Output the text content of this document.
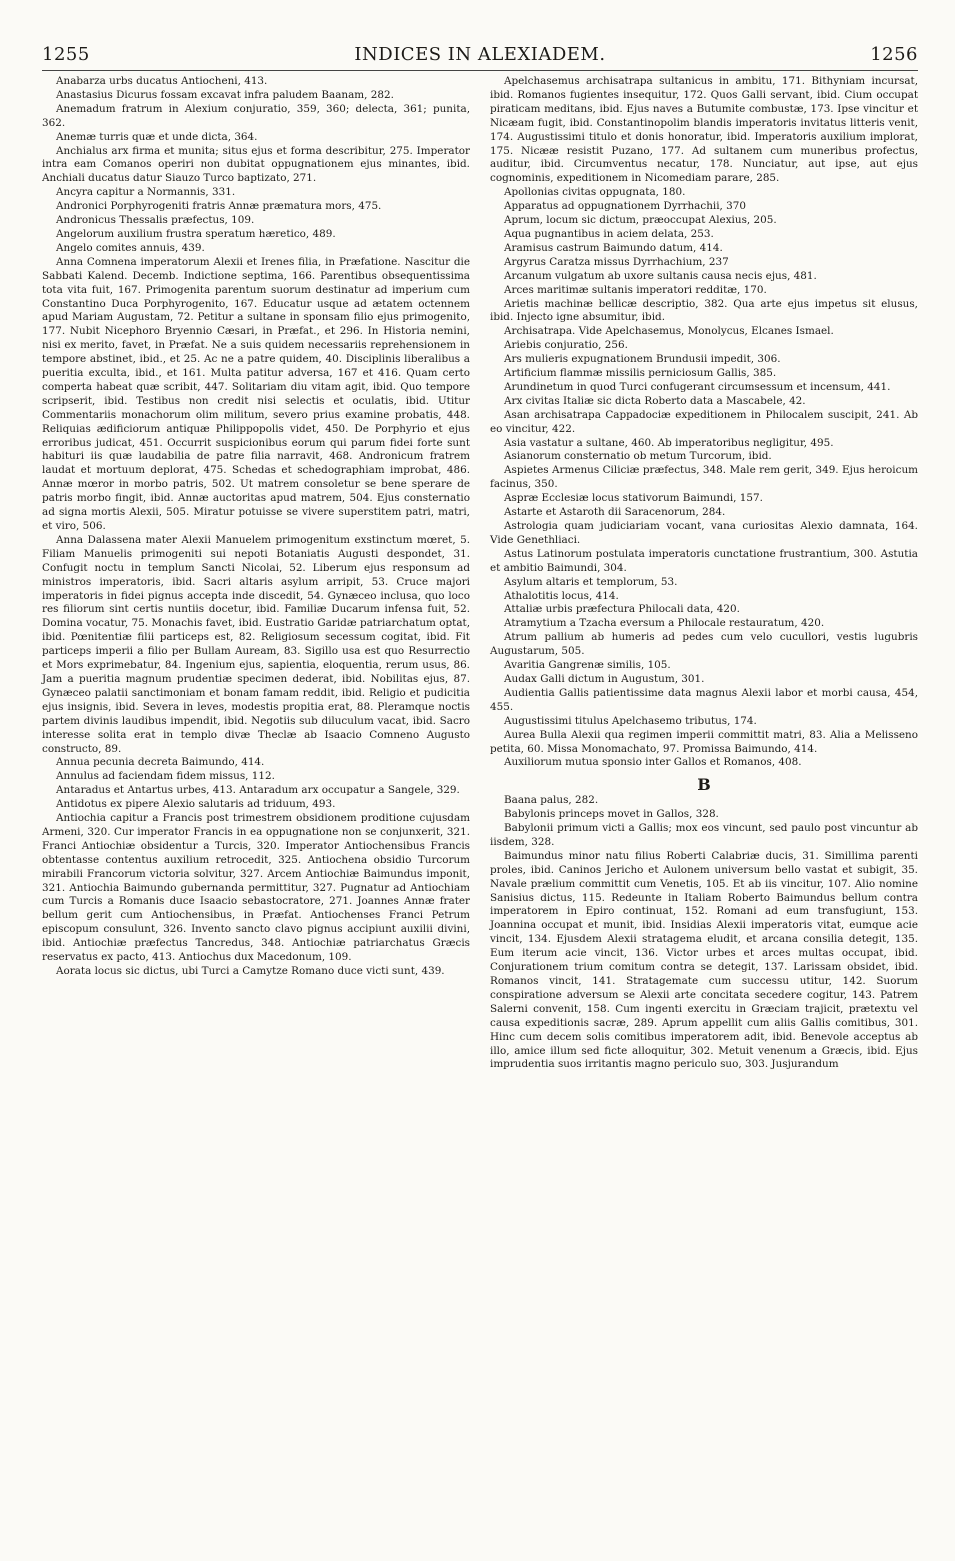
1255	INDICES IN ALEXIADEM.	1256

Anabarza urbs ducatus Antiocheni, 413.

Anastasius Dicurus fossam excavat infra paludem Baanam, 282.

Anemadum fratrum in Alexium conjuratio, 359, 360; delecta, 361; punita, 362.

Anemæ turris quæ et unde dicta, 364.

Anchialus arx firma et munita; situs ejus et forma describitur, 275. Imperator intra eam Comanos operiri non dubitat oppugnationem ejus minantes, ibid. Anchiali ducatus datur Siauzo Turco baptizato, 271.

Ancyra capitur a Normannis, 331.

Andronici Porphyrogeniti fratris Annæ præmatura mors, 475.

Andronicus Thessalis præfectus, 109.

Angelorum auxilium frustra speratum hæretico, 489.

Angelo comites annuis, 439.

Anna Comnena imperatorum Alexii et Irenes filia, in Præfatione. Nascitur die Sabbati Kalend. Decemb. Indictione septima, 166. Parentibus obsequentissima tota vita fuit, 167. Primogenita parentum suorum destinatur ad imperium cum Constantino Duca Porphyrogenito, 167. Educatur usque ad ætatem octennem apud Mariam Augustam, 72. Petitur a sultane in sponsam filio ejus primogenito, 177. Nubit Nicephoro Bryennio Cæsari, in Præfat., et 296. In Historia nemini, nisi ex merito, favet, in Præfat. Ne a suis quidem necessariis reprehensionem in tempore abstinet, ibid., et 25. Ac ne a patre quidem, 40. Disciplinis liberalibus a pueritia exculta, ibid., et 161. Multa patitur adversa, 167 et 416. Quam certo comperta habeat quæ scribit, 447. Solitariam diu vitam agit, ibid. Quo tempore scripserit, ibid. Testibus non credit nisi selectis et oculatis, ibid. Utitur Commentariis monachorum olim militum, severo prius examine probatis, 448. Reliquias ædificiorum antiquæ Philippopolis videt, 450. De Porphyrio et ejus erroribus judicat, 451. Occurrit suspicionibus eorum qui parum fidei forte sunt habituri iis quæ laudabilia de patre filia narravit, 468. Andronicum fratrem laudat et mortuum deplorat, 475. Schedas et schedographiam improbat, 486. Annæ mœror in morbo patris, 502. Ut matrem consoletur se bene sperare de patris morbo fingit, ibid. Annæ auctoritas apud matrem, 504. Ejus consternatio ad signa mortis Alexii, 505. Miratur potuisse se vivere superstitem patri, matri, et viro, 506.

Anna Dalassena mater Alexii Manuelem primogenitum exstinctum mœret, 5. Filiam Manuelis primogeniti sui nepoti Botaniatis Augusti despondet, 31. Confugit noctu in templum Sancti Nicolai, 52. Liberum ejus responsum ad ministros imperatoris, ibid. Sacri altaris asylum arripit, 53. Cruce majori imperatoris in fidei pignus accepta inde discedit, 54. Gynæceo inclusa, quo loco res filiorum sint certis nuntiis docetur, ibid. Familiæ Ducarum infensa fuit, 52. Domina vocatur, 75. Monachis favet, ibid. Eustratio Garidæ patriarchatum optat, ibid. Pœnitentiæ filii particeps est, 82. Religiosum secessum cogitat, ibid. Fit particeps imperii a filio per Bullam Auream, 83. Sigillo usa est quo Resurrectio et Mors exprimebatur, 84. Ingenium ejus, sapientia, eloquentia, rerum usus, 86. Jam a pueritia magnum prudentiæ specimen dederat, ibid. Nobilitas ejus, 87. Gynæceo palatii sanctimoniam et bonam famam reddit, ibid. Religio et pudicitia ejus insignis, ibid. Severa in leves, modestis propitia erat, 88. Pleramque noctis partem divinis laudibus impendit, ibid. Negotiis sub diluculum vacat, ibid. Sacro interesse solita erat in templo divæ Theclæ ab Isaacio Comneno Augusto constructo, 89.

Annua pecunia decreta Baimundo, 414.

Annulus ad faciendam fidem missus, 112.

Antaradus et Antartus urbes, 413. Antaradum arx occupatur a Sangele, 329.

Antidotus ex pipere Alexio salutaris ad triduum, 493.

Antiochia capitur a Francis post trimestrem obsidionem proditione cujusdam Armeni, 320. Cur imperator Francis in ea oppugnatione non se conjunxerit, 321. Franci Antiochiæ obsidentur a Turcis, 320. Imperator Antiochensibus Francis obtentasse contentus auxilium retrocedit, 325. Antiochena obsidio Turcorum mirabili Francorum victoria solvitur, 327. Arcem Antiochiæ Baimundus imponit, 321. Antiochia Baimundo gubernanda permittitur, 327. Pugnatur ad Antiochiam cum Turcis a Romanis duce Isaacio sebastocratore, 271. Joannes Annæ frater bellum gerit cum Antiochensibus, in Præfat. Antiochenses Franci Petrum episcopum consulunt, 326. Invento sancto clavo pignus accipiunt auxilii divini, ibid. Antiochiæ præfectus Tancredus, 348. Antiochiæ patriarchatus Græcis reservatus ex pacto, 413. Antiochus dux Macedonum, 109.

Aorata locus sic dictus, ubi Turci a Camytze Romano duce victi sunt, 439.

Apelchasemus archisatrapa sultanicus in ambitu, 171. Bithyniam incursat, ibid. Romanos fugientes insequitur, 172. Quos Galli servant, ibid. Cium occupat piraticam meditans, ibid. Ejus naves a Butumite combustæ, 173. Ipse vincitur et Nicæam fugit, ibid. Constantinopolim blandis imperatoris invitatus litteris venit, 174. Augustissimi titulo et donis honoratur, ibid. Imperatoris auxilium implorat, 175. Nicææ resistit Puzano, 177. Ad sultanem cum muneribus profectus, auditur, ibid. Circumventus necatur, 178. Nunciatur, aut ipse, aut ejus cognominis, expeditionem in Nicomediam parare, 285.

Apollonias civitas oppugnata, 180.

Apparatus ad oppugnationem Dyrrhachii, 370

Aprum, locum sic dictum, præoccupat Alexius, 205.

Aqua pugnantibus in aciem delata, 253.

Aramisus castrum Baimundo datum, 414.

Argyrus Caratza missus Dyrrhachium, 237

Arcanum vulgatum ab uxore sultanis causa necis ejus, 481.

Arces maritimæ sultanis imperatori redditæ, 170.

Arietis machinæ bellicæ descriptio, 382. Qua arte ejus impetus sit elusus, ibid. Injecto igne absumitur, ibid.

Archisatrapa. Vide Apelchasemus, Monolycus, Elcanes Ismael.

Ariebis conjuratio, 256.

Ars mulieris expugnationem Brundusii impedit, 306.

Artificium flammæ missilis perniciosum Gallis, 385.

Arundinetum in quod Turci confugerant circumsessum et incensum, 441.

Arx civitas Italiæ sic dicta Roberto data a Mascabele, 42.

Asan archisatrapa Cappadociæ expeditionem in Philocalem suscipit, 241. Ab eo vincitur, 422.

Asia vastatur a sultane, 460. Ab imperatoribus negligitur, 495.

Asianorum consternatio ob metum Turcorum, ibid.

Aspietes Armenus Ciliciæ præfectus, 348. Male rem gerit, 349. Ejus heroicum facinus, 350.

Aspræ Ecclesiæ locus stativorum Baimundi, 157.

Astarte et Astaroth dii Saracenorum, 284.

Astrologia quam judiciariam vocant, vana curiositas Alexio damnata, 164. Vide Genethliaci.

Astus Latinorum postulata imperatoris cunctatione frustrantium, 300. Astutia et ambitio Baimundi, 304.

Asylum altaris et templorum, 53.

Athalotitis locus, 414.

Attaliæ urbis præfectura Philocali data, 420.

Atramytium a Tzacha eversum a Philocale restauratum, 420.

Atrum pallium ab humeris ad pedes cum velo cucullori, vestis lugubris Augustarum, 505.

Avaritia Gangrenæ similis, 105.

Audax Galli dictum in Augustum, 301.

Audientia Gallis patientissime data magnus Alexii labor et morbi causa, 454, 455.

Augustissimi titulus Apelchasemo tributus, 174.

Aurea Bulla Alexii qua regimen imperii committit matri, 83. Alia a Melisseno petita, 60. Missa Monomachato, 97. Promissa Baimundo, 414.

Auxiliorum mutua sponsio inter Gallos et Romanos, 408.

B

Baana palus, 282.

Babylonis princeps movet in Gallos, 328.

Babylonii primum victi a Gallis; mox eos vincunt, sed paulo post vincuntur ab iisdem, 328.

Baimundus minor natu filius Roberti Calabriæ ducis, 31. Simillima parenti proles, ibid. Caninos Jericho et Aulonem universum bello vastat et subigit, 35. Navale prælium committit cum Venetis, 105. Et ab iis vincitur, 107. Alio nomine Sanisius dictus, 115. Redeunte in Italiam Roberto Baimundus bellum contra imperatorem in Epiro continuat, 152. Romani ad eum transfugiunt, 153. Joannina occupat et munit, ibid. Insidias Alexii imperatoris vitat, eumque acie vincit, 134. Ejusdem Alexii stratagema eludit, et arcana consilia detegit, 135. Eum iterum acie vincit, 136. Victor urbes et arces multas occupat, ibid. Conjurationem trium comitum contra se detegit, 137. Larissam obsidet, ibid. Romanos vincit, 141. Stratagemate cum successu utitur, 142. Suorum conspiratione adversum se Alexii arte concitata secedere cogitur, 143. Patrem Salerni convenit, 158. Cum ingenti exercitu in Græciam trajicit, prætextu vel causa expeditionis sacræ, 289. Aprum appellit cum aliis Gallis comitibus, 301. Hinc cum decem solis comitibus imperatorem adit, ibid. Benevole acceptus ab illo, amice illum sed ficte alloquitur, 302. Metuit venenum a Græcis, ibid. Ejus imprudentia suos irritantis magno periculo suo, 303. Jusjurandum
